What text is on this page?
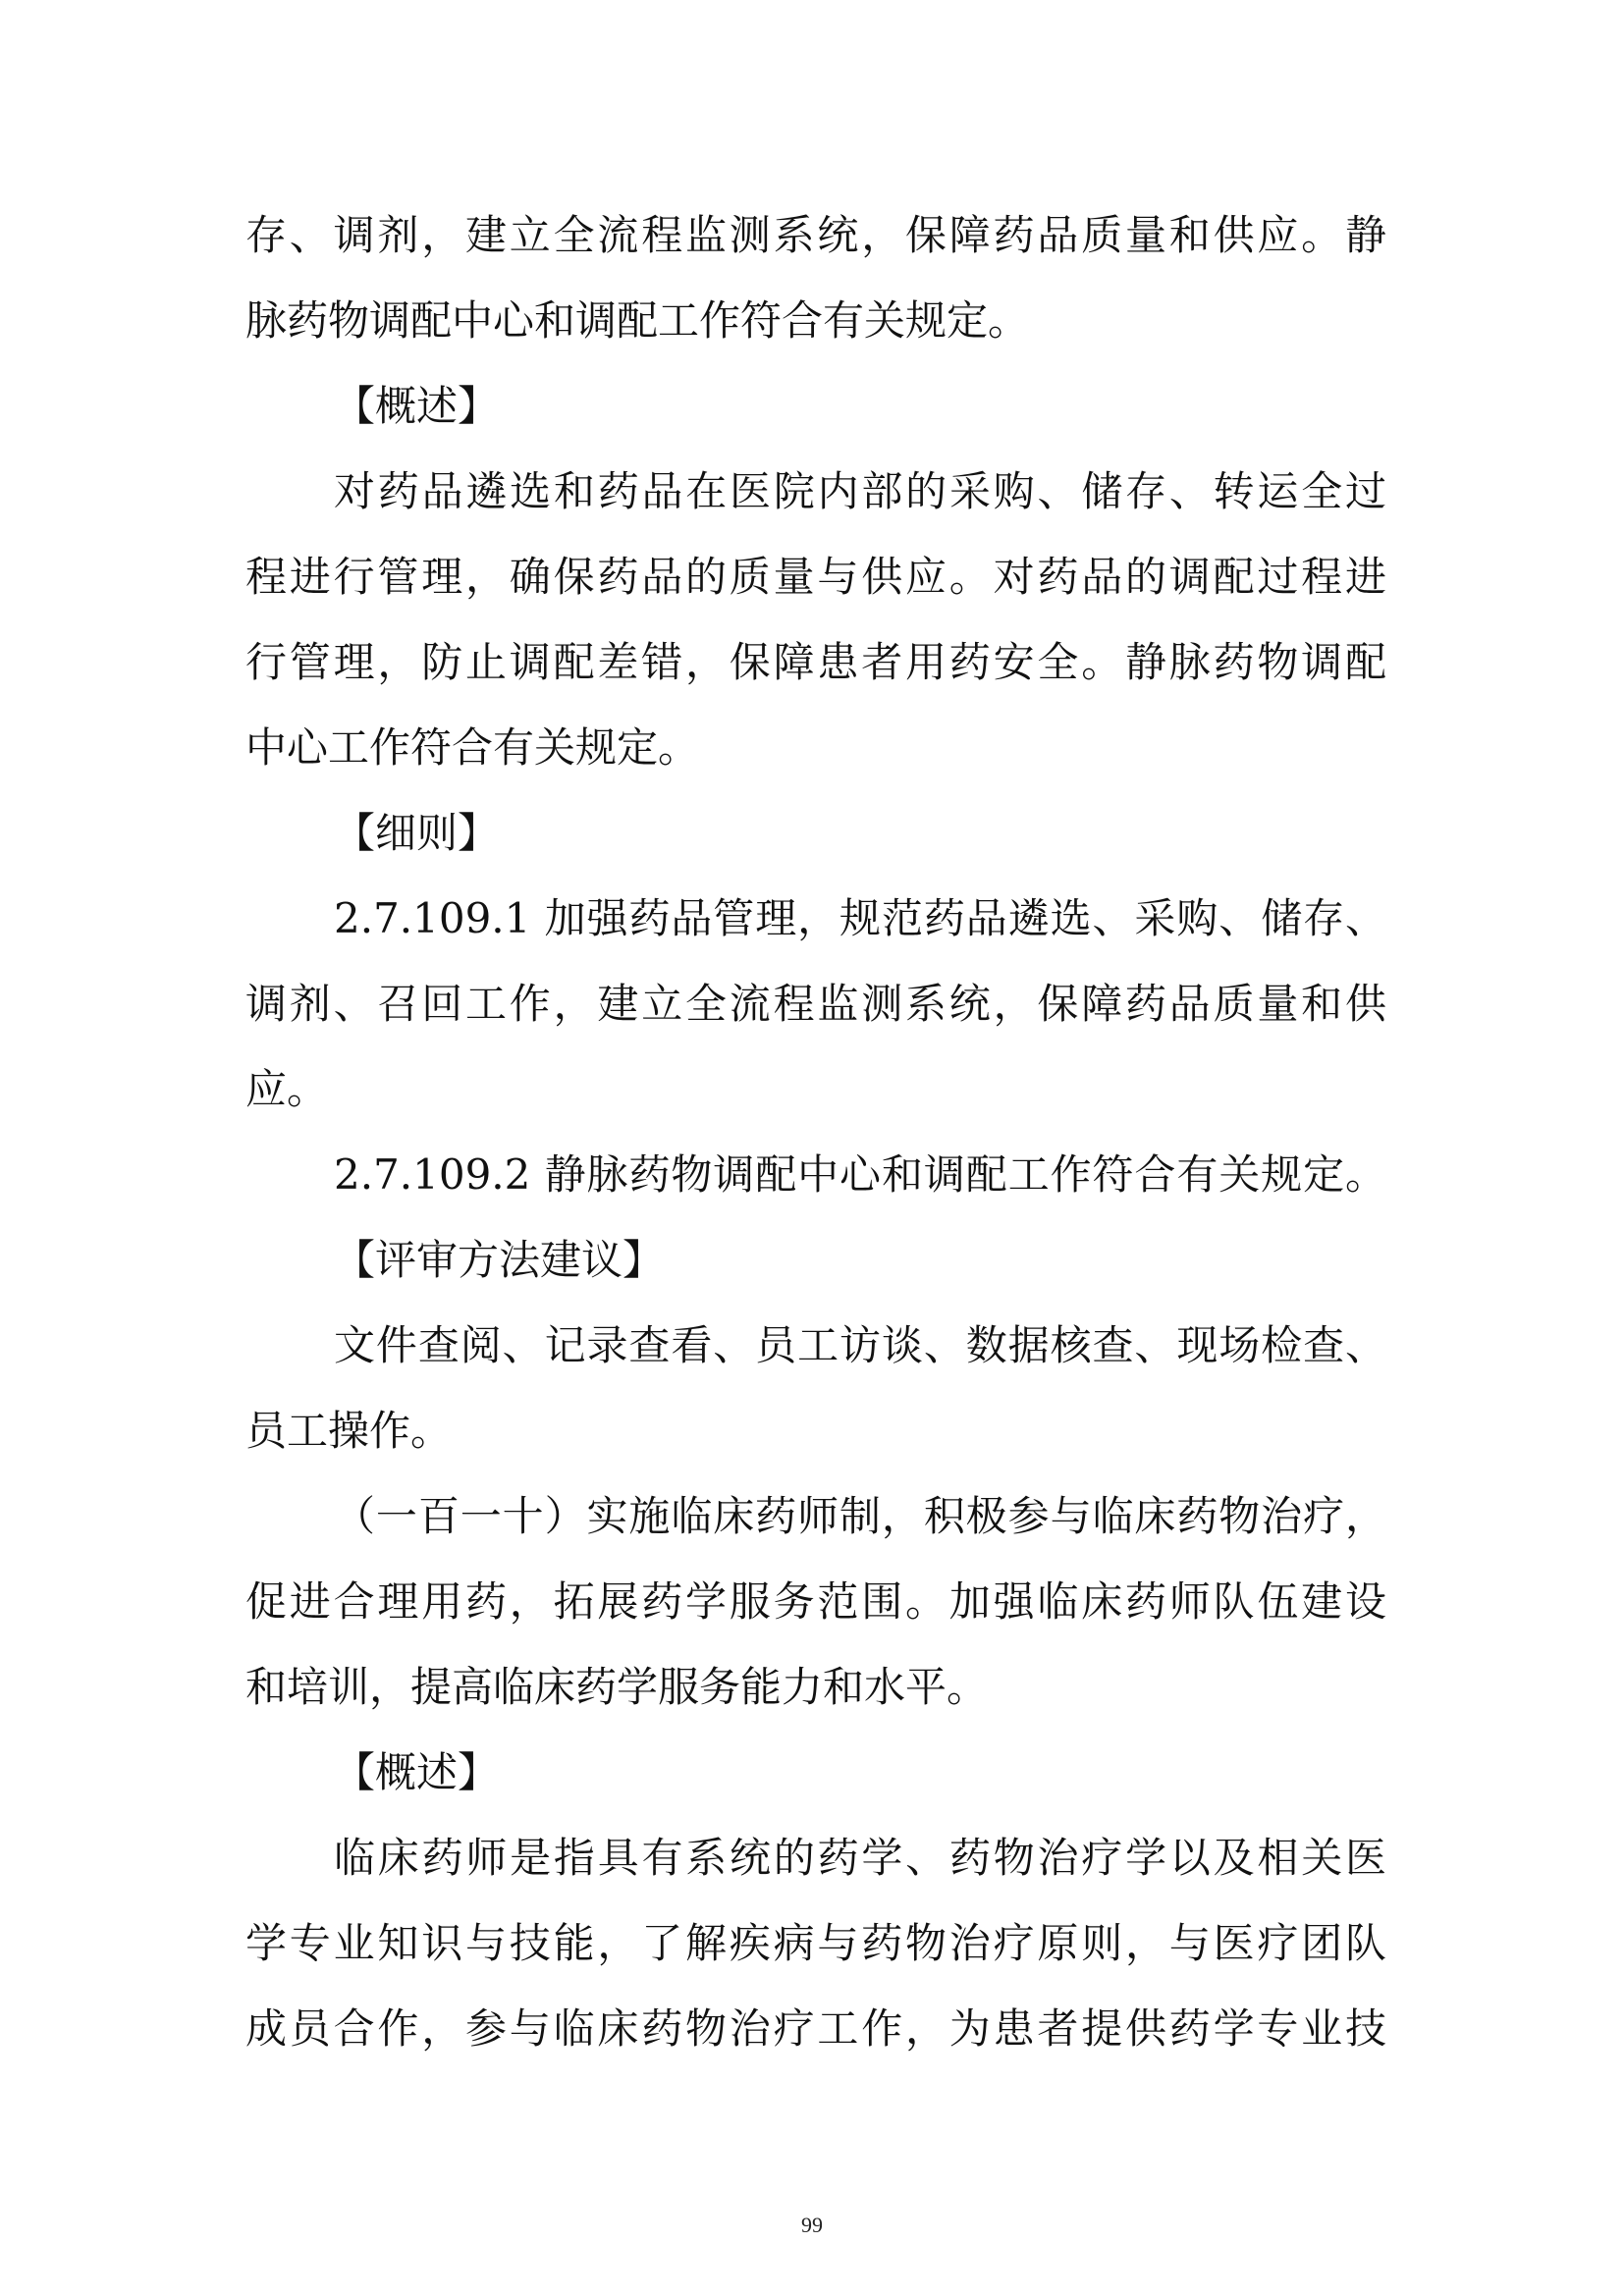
存、调剂，建立全流程监测系统，保障药品质量和供应。静

脉药物调配中心和调配工作符合有关规定。

【概述】

对药品遴选和药品在医院内部的采购、储存、转运全过

程进行管理，确保药品的质量与供应。对药品的调配过程进

行管理，防止调配差错，保障患者用药安全。静脉药物调配

中心工作符合有关规定。

【细则】

2.7.109.1 加强药品管理，规范药品遴选、采购、储存、

调剂、召回工作，建立全流程监测系统，保障药品质量和供

应。

2.7.109.2 静脉药物调配中心和调配工作符合有关规定。

【评审方法建议】

文件查阅、记录查看、员工访谈、数据核查、现场检查、

员工操作。

（一百一十）实施临床药师制，积极参与临床药物治疗，

促进合理用药，拓展药学服务范围。加强临床药师队伍建设

和培训，提高临床药学服务能力和水平。

【概述】

临床药师是指具有系统的药学、药物治疗学以及相关医

学专业知识与技能，了解疾病与药物治疗原则，与医疗团队

成员合作，参与临床药物治疗工作，为患者提供药学专业技

99
